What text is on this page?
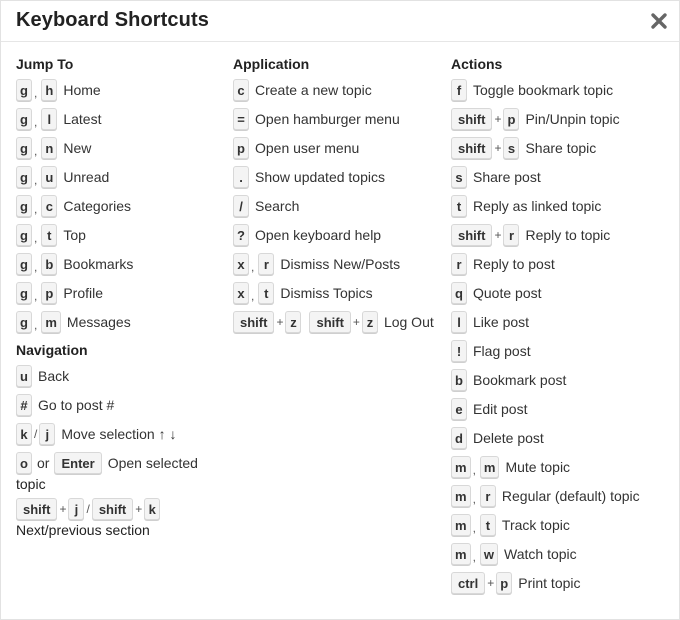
Keyboard Shortcuts
Jump To
g , h Home
g , l Latest
g , n New
g , u Unread
g , c Categories
g , t Top
g , b Bookmarks
g , p Profile
g , m Messages
Navigation
u Back
# Go to post #
k / j Move selection ↑ ↓
o or Enter Open selected
topic
shift + j / shift + k
Next/previous section
Application
c Create a new topic
= Open hamburger menu
p Open user menu
. Show updated topics
/ Search
? Open keyboard help
x , r Dismiss New/Posts
x , t Dismiss Topics
shift + z	shift + z Log Out
Actions
f Toggle bookmark topic
shift + p Pin/Unpin topic
shift + s Share topic
s Share post
t Reply as linked topic
shift + r Reply to topic
r Reply to post
q Quote post
l Like post
! Flag post
b Bookmark post
e Edit post
d Delete post
m , m Mute topic
m , r Regular (default) topic
m , t Track topic
m , w Watch topic
ctrl + p Print topic
